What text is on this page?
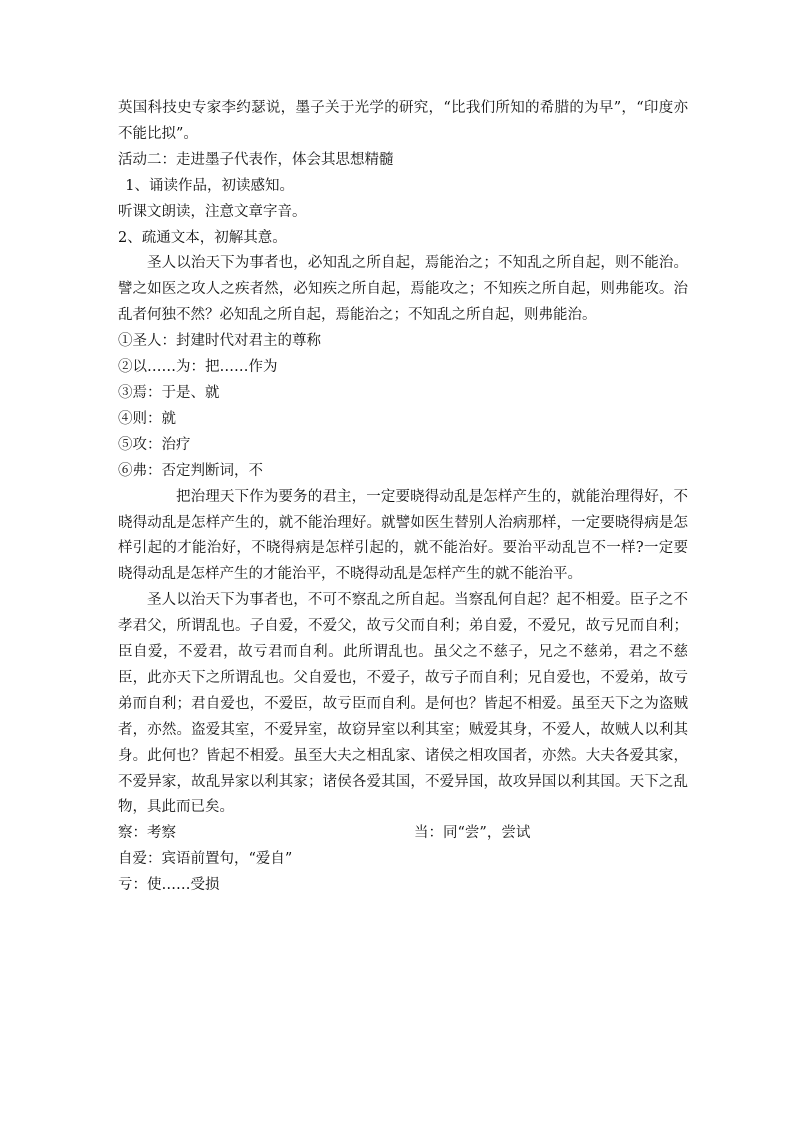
英国科技史专家李约瑟说，墨子关于光学的研究，“比我们所知的希腊的为早”，“印度亦不能比拟”。

活动二：走进墨子代表作，体会其思想精髓

1、诵读作品，初读感知。

听课文朗读，注意文章字音。

2、疏通文本，初解其意。

圣人以治天下为事者也，必知乱之所自起，焉能治之；不知乱之所自起，则不能治。譬之如医之攻人之疾者然，必知疾之所自起，焉能攻之；不知疾之所自起，则弗能攻。治乱者何独不然？必知乱之所自起，焉能治之；不知乱之所自起，则弗能治。

①圣人：封建时代对君主的尊称

②以……为：把……作为

③焉：于是、就

④则：就

⑤攻：治疗

⑥弗：否定判断词，不

把治理天下作为要务的君主，一定要晓得动乱是怎样产生的，就能治理得好，不晓得动乱是怎样产生的，就不能治理好。就譬如医生替别人治病那样，一定要晓得病是怎样引起的才能治好，不晓得病是怎样引起的，就不能治好。要治平动乱岂不一样?一定要晓得动乱是怎样产生的才能治平，不晓得动乱是怎样产生的就不能治平。

圣人以治天下为事者也，不可不察乱之所自起。当察乱何自起？起不相爱。臣子之不孝君父，所谓乱也。子自爱，不爱父，故亏父而自利；弟自爱，不爱兄，故亏兄而自利；臣自爱，不爱君，故亏君而自利。此所谓乱也。虽父之不慈子，兄之不慈弟，君之不慈臣，此亦天下之所谓乱也。父自爱也，不爱子，故亏子而自利；兄自爱也，不爱弟，故亏弟而自利；君自爱也，不爱臣，故亏臣而自利。是何也？皆起不相爱。虽至天下之为盗贼者，亦然。盗爱其室，不爱异室，故窃异室以利其室；贼爱其身，不爱人，故贼人以利其身。此何也？皆起不相爱。虽至大夫之相乱家、诸侯之相攻国者，亦然。大夫各爱其家，不爱异家，故乱异家以利其家；诸侯各爱其国，不爱异国，故攻异国以利其国。天下之乱物，具此而已矣。

察：考察	当：同“尝”，尝试

自爱：宾语前置句，“爱自”

亏：使……受损
